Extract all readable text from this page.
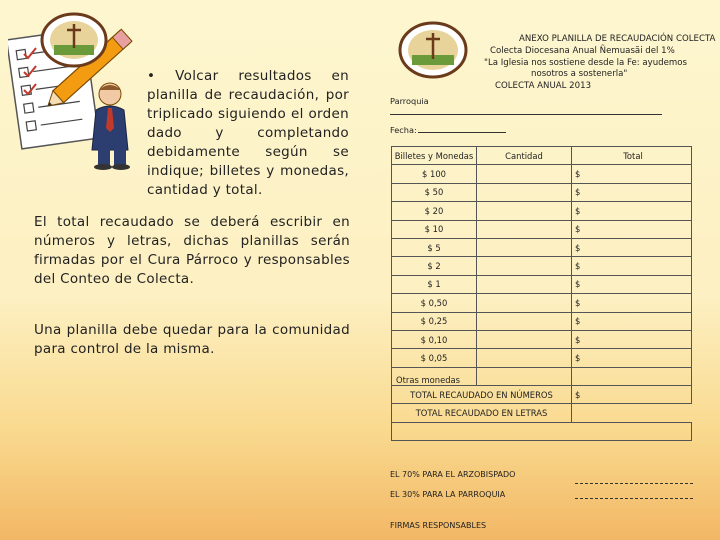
• Volcar resultados en planilla de recaudación, por triplicado siguiendo el orden dado y completando debidamente según se indique; billetes y monedas, cantidad y total.
El total recaudado se deberá escribir en números y letras, dichas planillas serán firmadas por el Cura Párroco y responsables del Conteo de Colecta.
Una planilla debe quedar para la comunidad para control de la misma.
ANEXO PLANILLA DE RECAUDACIÓN COLECTA
Colecta Diocesana Anual Ñemuasãi del 1%
"La Iglesia nos sostiene desde la Fe: ayudemos
nosotros a sostenerla"
COLECTA ANUAL 2013
Parroquia
Fecha:
Billetes y Monedas	Cantidad	Total
$ 100		$
$ 50		$
$ 20		$
$ 10		$
$ 5		$
$ 2		$
$ 1		$
$ 0,50		$
$ 0,25		$
$ 0,10		$
$ 0,05		$
Otras monedas		
TOTAL RECAUDADO EN NÚMEROS		$
TOTAL RECAUDADO EN LETRAS		

EL 70% PARA EL ARZOBISPADO
EL 30% PARA LA PARROQUIA
FIRMAS RESPONSABLES
